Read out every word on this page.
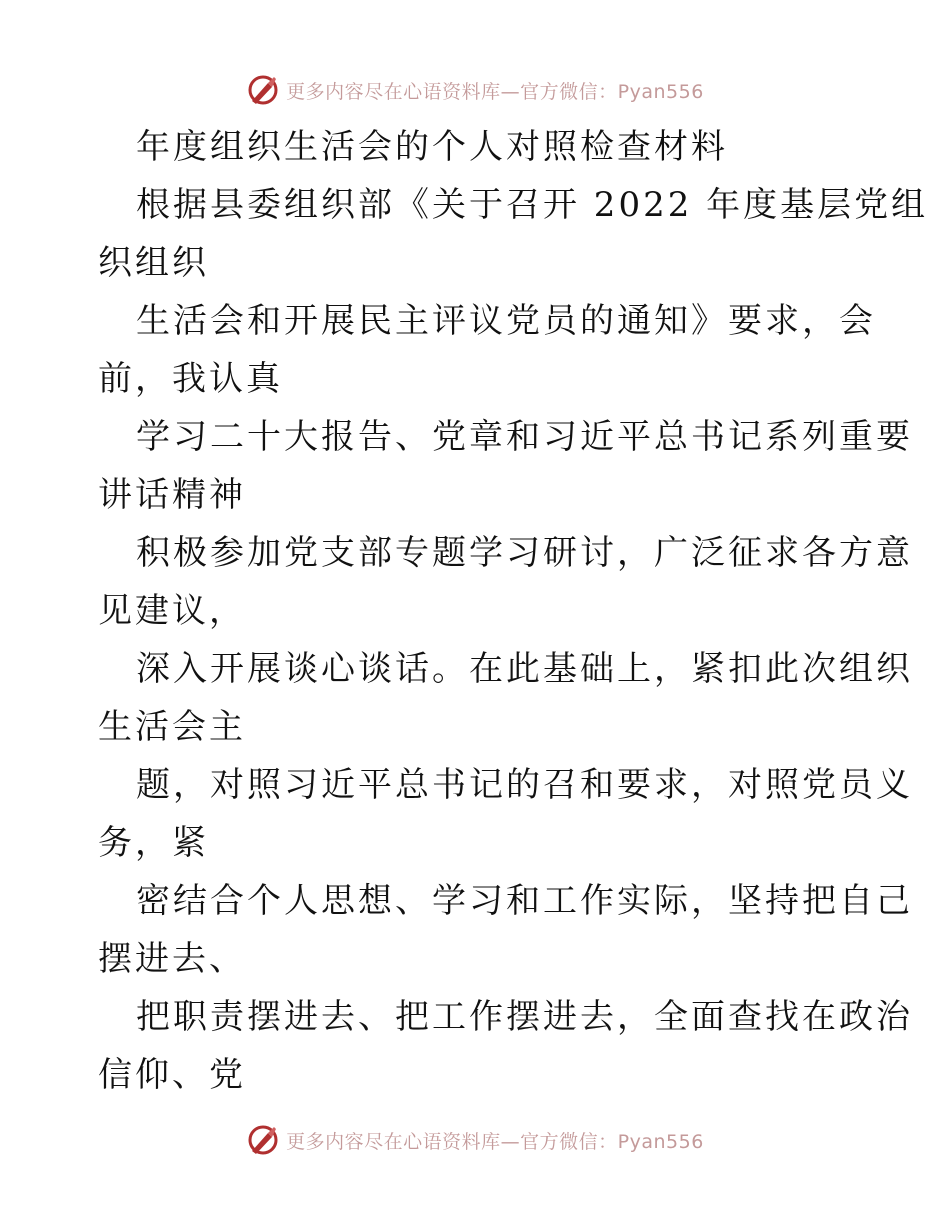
更多内容尽在心语资料库—官方微信：Pyan556
年度组织生活会的个人对照检查材料
根据县委组织部《关于召开 2022 年度基层党组
织组织
生活会和开展民主评议党员的通知》要求，会
前，我认真
学习二十大报告、党章和习近平总书记系列重要
讲话精神
积极参加党支部专题学习研讨，广泛征求各方意
见建议，
深入开展谈心谈话。在此基础上，紧扣此次组织
生活会主
题，对照习近平总书记的召和要求，对照党员义
务，紧
密结合个人思想、学习和工作实际，坚持把自己
摆进去、
把职责摆进去、把工作摆进去，全面查找在政治
信仰、党
更多内容尽在心语资料库—官方微信：Pyan556
